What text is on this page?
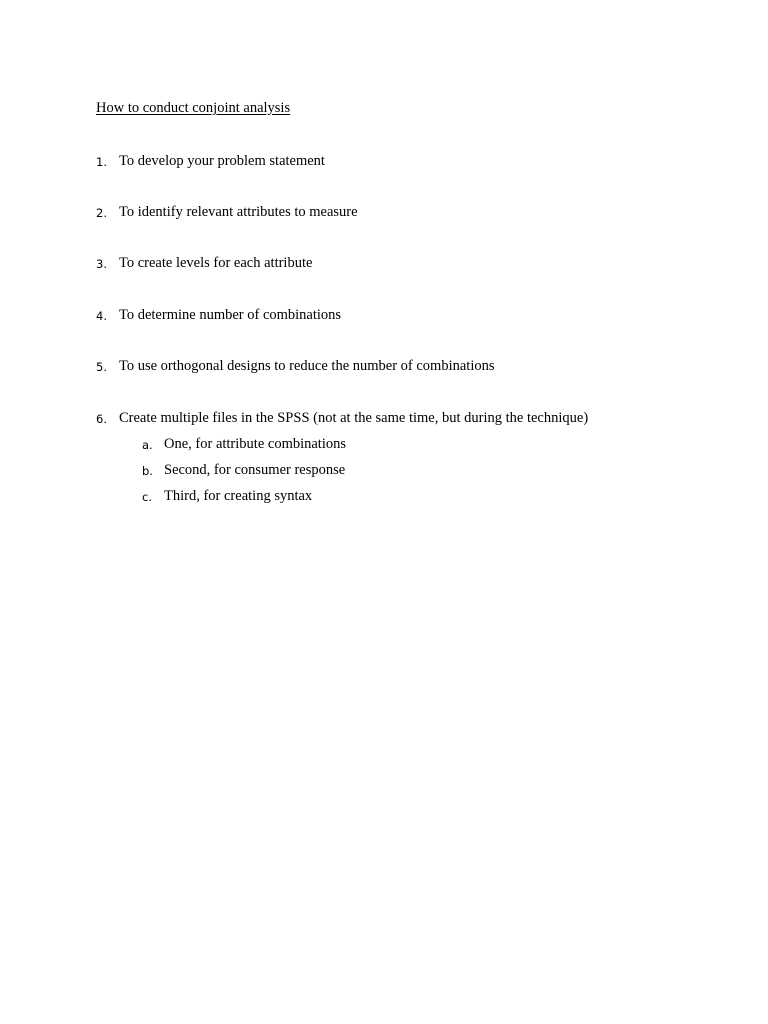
How to conduct conjoint analysis
1. To develop your problem statement
2. To identify relevant attributes to measure
3. To create levels for each attribute
4. To determine number of combinations
5. To use orthogonal designs to reduce the number of combinations
6. Create multiple files in the SPSS (not at the same time, but during the technique)
a. One, for attribute combinations
b. Second, for consumer response
c. Third, for creating syntax
